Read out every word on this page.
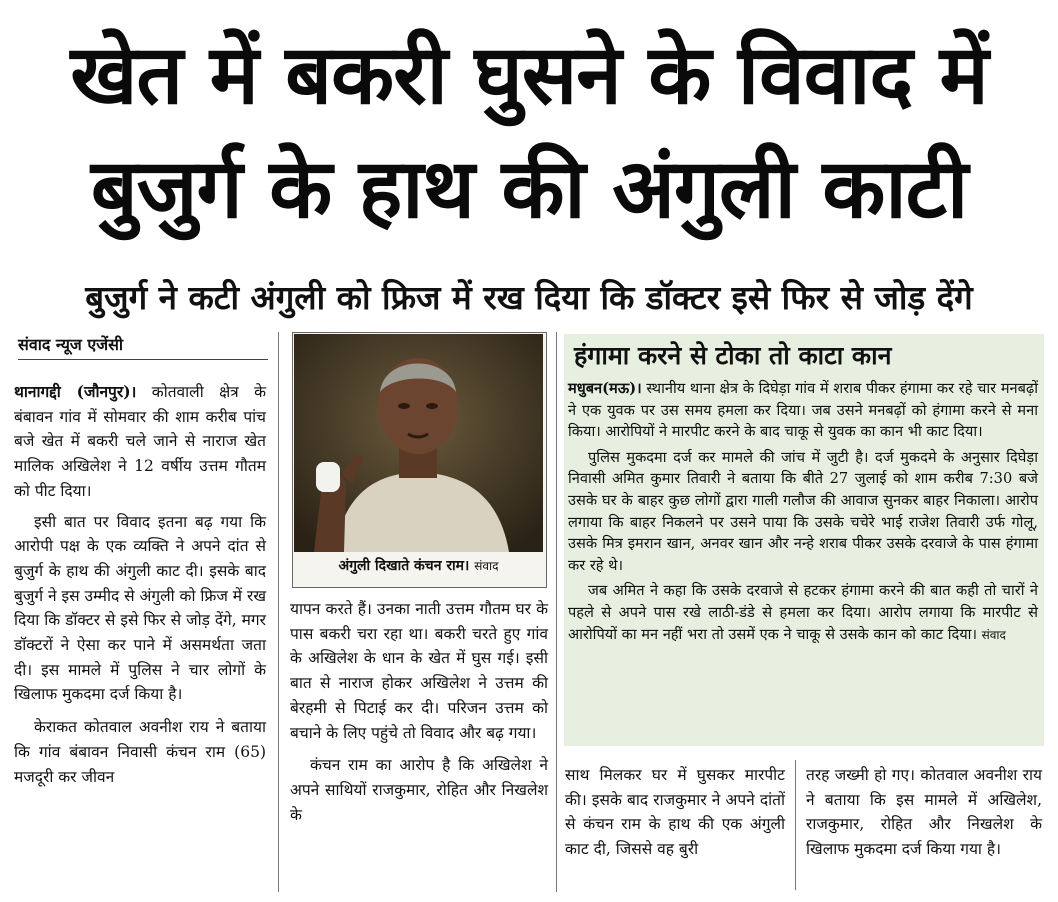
खेत में बकरी घुसने के विवाद में
बुजुर्ग के हाथ की अंगुली काटी
बुजुर्ग ने कटी अंगुली को फ्रिज में रख दिया कि डॉक्टर इसे फिर से जोड़ देंगे
संवाद न्यूज एजेंसी

थानागद्दी (जौनपुर)। कोतवाली क्षेत्र के बंबावन गांव में सोमवार की शाम करीब पांच बजे खेत में बकरी चले जाने से नाराज खेत मालिक अखिलेश ने 12 वर्षीय उत्तम गौतम को पीट दिया।

इसी बात पर विवाद इतना बढ़ गया कि आरोपी पक्ष के एक व्यक्ति ने अपने दांत से बुजुर्ग के हाथ की अंगुली काट दी। इसके बाद बुजुर्ग ने इस उम्मीद से अंगुली को फ्रिज में रख दिया कि डॉक्टर से इसे फिर से जोड़ देंगे, मगर डॉक्टरों ने ऐसा कर पाने में असमर्थता जता दी। इस मामले में पुलिस ने चार लोगों के खिलाफ मुकदमा दर्ज किया है।

केराकत कोतवाल अवनीश राय ने बताया कि गांव बंबावन निवासी कंचन राम (65) मजदूरी कर जीवन

अंगुली दिखाते कंचन राम। संवाद

यापन करते हैं। उनका नाती उत्तम गौतम घर के पास बकरी चरा रहा था। बकरी चरते हुए गांव के अखिलेश के धान के खेत में घुस गई। इसी बात से नाराज होकर अखिलेश ने उत्तम की बेरहमी से पिटाई कर दी। परिजन उत्तम को बचाने के लिए पहुंचे तो विवाद और बढ़ गया।

कंचन राम का आरोप है कि अखिलेश ने अपने साथियों राजकुमार, रोहित और निखलेश के

हंगामा करने से टोका तो काटा कान

मधुबन(मऊ)। स्थानीय थाना क्षेत्र के दिघेड़ा गांव में शराब पीकर हंगामा कर रहे चार मनबढ़ों ने एक युवक पर उस समय हमला कर दिया। जब उसने मनबढ़ों को हंगामा करने से मना किया। आरोपियों ने मारपीट करने के बाद चाकू से युवक का कान भी काट दिया।

पुलिस मुकदमा दर्ज कर मामले की जांच में जुटी है। दर्ज मुकदमे के अनुसार दिघेड़ा निवासी अमित कुमार तिवारी ने बताया कि बीते 27 जुलाई को शाम करीब 7:30 बजे उसके घर के बाहर कुछ लोगों द्वारा गाली गलौज की आवाज सुनकर बाहर निकाला। आरोप लगाया कि बाहर निकलने पर उसने पाया कि उसके चचेरे भाई राजेश तिवारी उर्फ गोलू, उसके मित्र इमरान खान, अनवर खान और नन्हे शराब पीकर उसके दरवाजे के पास हंगामा कर रहे थे।

जब अमित ने कहा कि उसके दरवाजे से हटकर हंगामा करने की बात कही तो चारों ने पहले से अपने पास रखे लाठी-डंडे से हमला कर दिया। आरोप लगाया कि मारपीट से आरोपियों का मन नहीं भरा तो उसमें एक ने चाकू से उसके कान को काट दिया। संवाद

साथ मिलकर घर में घुसकर मारपीट की। इसके बाद राजकुमार ने अपने दांतों से कंचन राम के हाथ की एक अंगुली काट दी, जिससे वह बुरी

तरह जख्मी हो गए। कोतवाल अवनीश राय ने बताया कि इस मामले में अखिलेश, राजकुमार, रोहित और निखलेश के खिलाफ मुकदमा दर्ज किया गया है।
